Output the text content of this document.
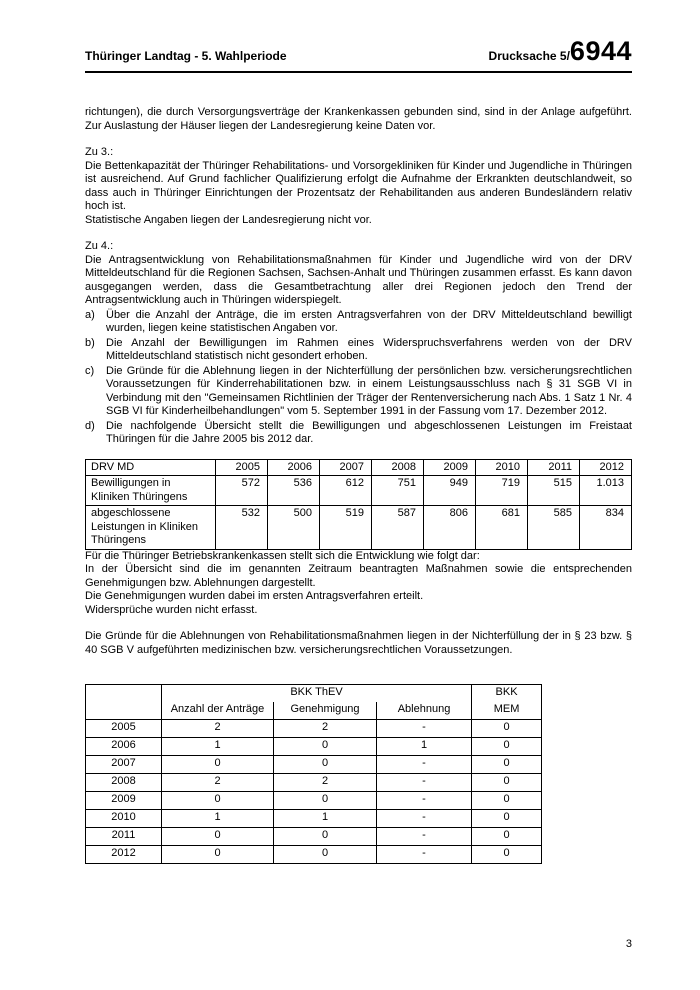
Thüringer Landtag - 5. Wahlperiode	Drucksache 5/6944

richtungen), die durch Versorgungsverträge der Krankenkassen gebunden sind, sind in der Anlage aufgeführt. Zur Auslastung der Häuser liegen der Landesregierung keine Daten vor.

Zu 3.:

Die Bettenkapazität der Thüringer Rehabilitations- und Vorsorgekliniken für Kinder und Jugendliche in Thüringen ist ausreichend. Auf Grund fachlicher Qualifizierung erfolgt die Aufnahme der Erkrankten deutschlandweit, so dass auch in Thüringer Einrichtungen der Prozentsatz der Rehabilitanden aus anderen Bundesländern relativ hoch ist.

Statistische Angaben liegen der Landesregierung nicht vor.

Zu 4.:

Die Antragsentwicklung von Rehabilitationsmaßnahmen für Kinder und Jugendliche wird von der DRV Mitteldeutschland für die Regionen Sachsen, Sachsen-Anhalt und Thüringen zusammen erfasst. Es kann davon ausgegangen werden, dass die Gesamtbetrachtung aller drei Regionen jedoch den Trend der Antragsentwicklung auch in Thüringen widerspiegelt.

a)	Über die Anzahl der Anträge, die im ersten Antragsverfahren von der DRV Mitteldeutschland bewilligt wurden, liegen keine statistischen Angaben vor.
b)	Die Anzahl der Bewilligungen im Rahmen eines Widerspruchsverfahrens werden von der DRV Mitteldeutschland statistisch nicht gesondert erhoben.
c)	Die Gründe für die Ablehnung liegen in der Nichterfüllung der persönlichen bzw. versicherungsrechtlichen Voraussetzungen für Kinderrehabilitationen bzw. in einem Leistungsausschluss nach § 31 SGB VI in Verbindung mit den "Gemeinsamen Richtlinien der Träger der Rentenversicherung nach Abs. 1 Satz 1 Nr. 4 SGB VI für Kinderheilbehandlungen" vom 5. September 1991 in der Fassung vom 17. Dezember 2012.
d)	Die nachfolgende Übersicht stellt die Bewilligungen und abgeschlossenen Leistungen im Freistaat Thüringen für die Jahre 2005 bis 2012 dar.
DRV MD	2005	2006	2007	2008	2009	2010	2011	2012
Bewilligungen in Kliniken Thüringens	572	536	612	751	949	719	515	1.013
abgeschlossene Leistungen in Kliniken Thüringens	532	500	519	587	806	681	585	834

Für die Thüringer Betriebskrankenkassen stellt sich die Entwicklung wie folgt dar:

In der Übersicht sind die im genannten Zeitraum beantragten Maßnahmen sowie die entsprechenden Genehmigungen bzw. Ablehnungen dargestellt.

Die Genehmigungen wurden dabei im ersten Antragsverfahren erteilt.

Widersprüche wurden nicht erfasst.

Die Gründe für die Ablehnungen von Rehabilitationsmaßnahmen liegen in der Nichterfüllung der in § 23 bzw. § 40 SGB V aufgeführten medizinischen bzw. versicherungsrechtlichen Voraussetzungen.

	BKK ThEV			BKK
	Anzahl der Anträge	Genehmigung	Ablehnung	MEM
2005	2	2	-	0
2006	1	0	1	0
2007	0	0	-	0
2008	2	2	-	0
2009	0	0	-	0
2010	1	1	-	0
2011	0	0	-	0
2012	0	0	-	0
3
